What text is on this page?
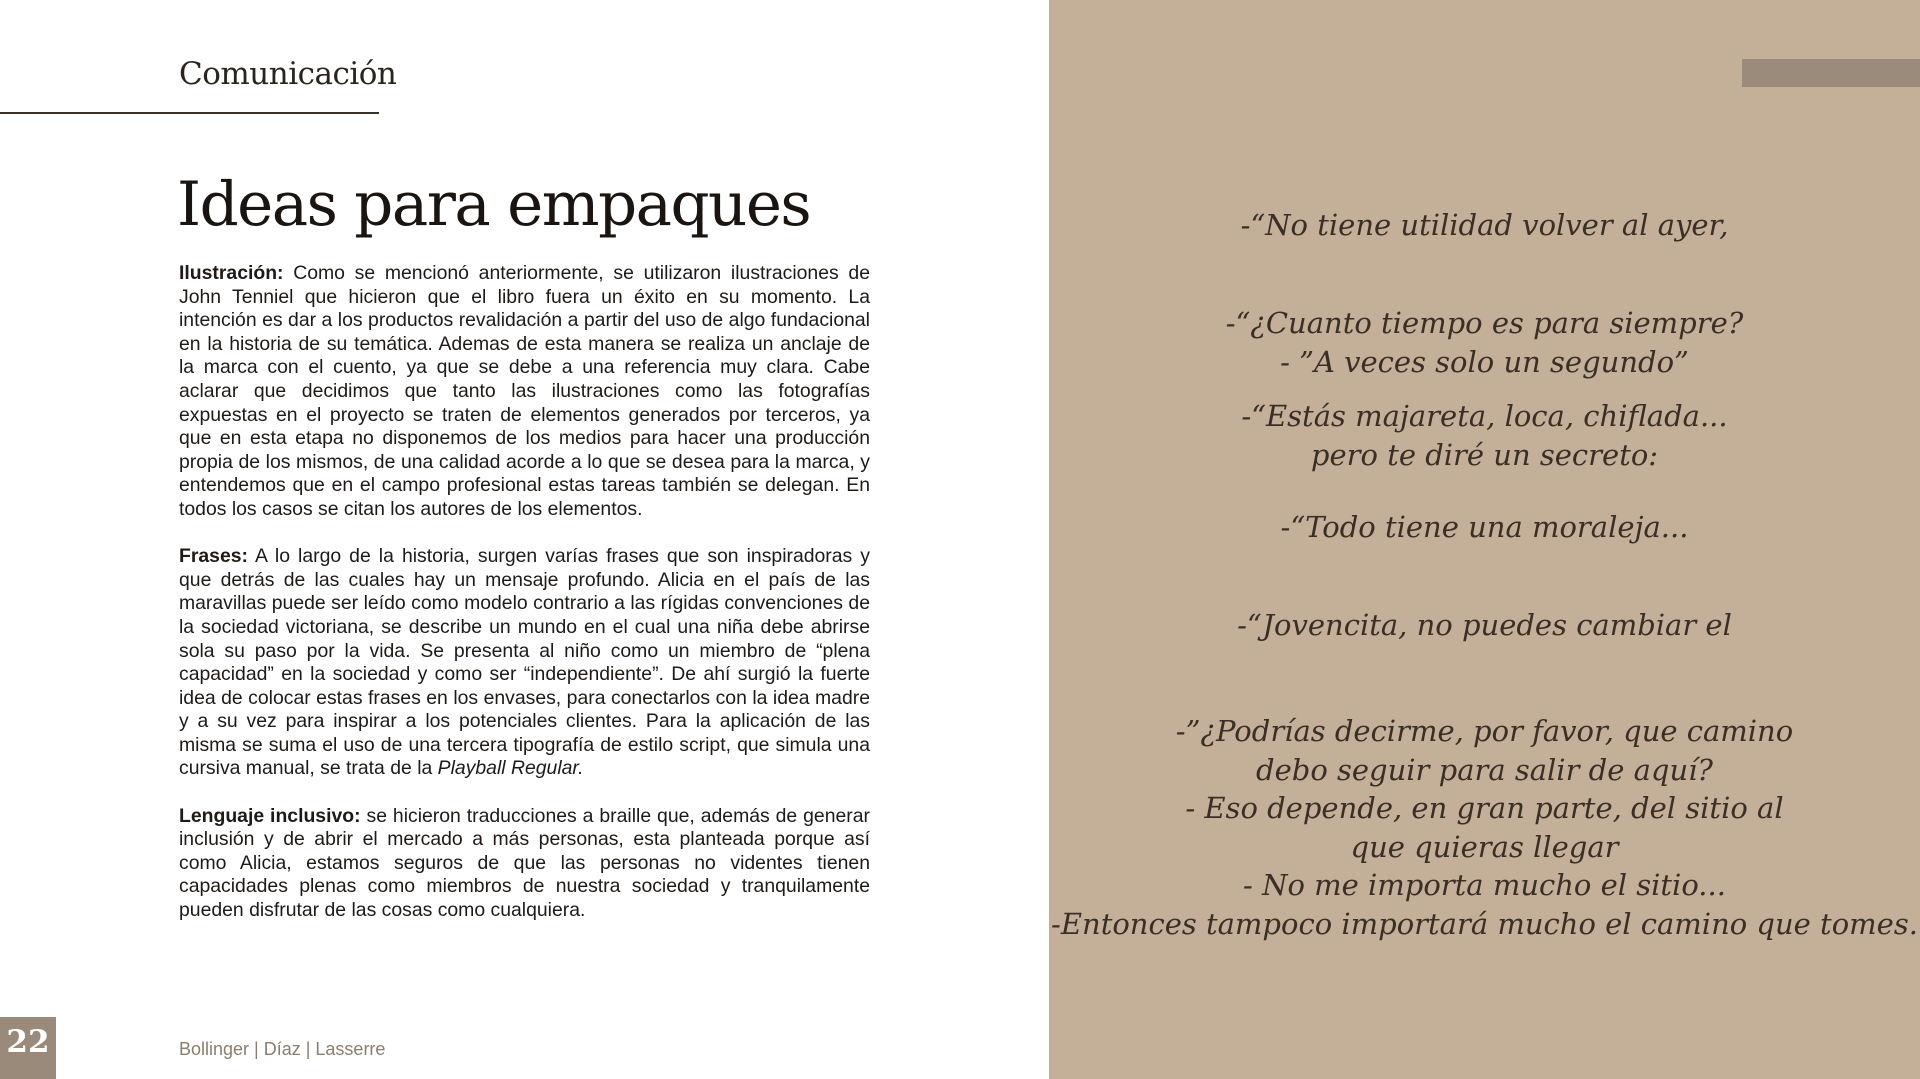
Comunicación
Ideas para empaques

Ilustración: Como se mencionó anteriormente, se utilizaron ilustraciones de John Tenniel que hicieron que el libro fuera un éxito en su momento. La intención es dar a los productos revalidación a partir del uso de algo fundacional en la historia de su temática. Ademas de esta manera se realiza un anclaje de la marca con el cuento, ya que se debe a una referencia muy clara. Cabe aclarar que decidimos que tanto las ilustraciones como las fotografías expuestas en el proyecto se traten de elementos generados por terceros, ya que en esta etapa no disponemos de los medios para hacer una producción propia de los mismos, de una calidad acorde a lo que se desea para la marca, y entendemos que en el campo profesional estas tareas también se delegan. En todos los casos se citan los autores de los elementos.

Frases: A lo largo de la historia, surgen varías frases que son inspiradoras y que detrás de las cuales hay un mensaje profundo. Alicia en el país de las maravillas puede ser leído como modelo contrario a las rígidas convenciones de la sociedad victoriana, se describe un mundo en el cual una niña debe abrirse sola su paso por la vida. Se presenta al niño como un miembro de “plena capacidad” en la sociedad y como ser “independiente”. De ahí surgió la fuerte idea de colocar estas frases en los envases, para conectarlos con la idea madre y a su vez para inspirar a los potenciales clientes. Para la aplicación de las misma se suma el uso de una tercera tipografía de estilo script, que simula una cursiva manual, se trata de la Playball Regular.

Lenguaje inclusivo: se hicieron traducciones a braille que, además de generar inclusión y de abrir el mercado a más personas, esta planteada porque así como Alicia, estamos seguros de que las personas no videntes tienen capacidades plenas como miembros de nuestra sociedad y tranquilamente pueden disfrutar de las cosas como cualquiera.

22	Bollinger | Díaz | Lasserre
-“No tiene utilidad volver al ayer,
-“¿Cuanto tiempo es para siempre?
- ”A veces solo un segundo”
-“Estás majareta, loca, chiflada...
pero te diré un secreto:
-“Todo tiene una moraleja...
-“Jovencita, no puedes cambiar el
-”¿Podrías decirme, por favor, que camino
debo seguir para salir de aquí?
- Eso depende, en gran parte, del sitio al
que quieras llegar
- No me importa mucho el sitio...
-Entonces tampoco importará mucho el camino que tomes.
